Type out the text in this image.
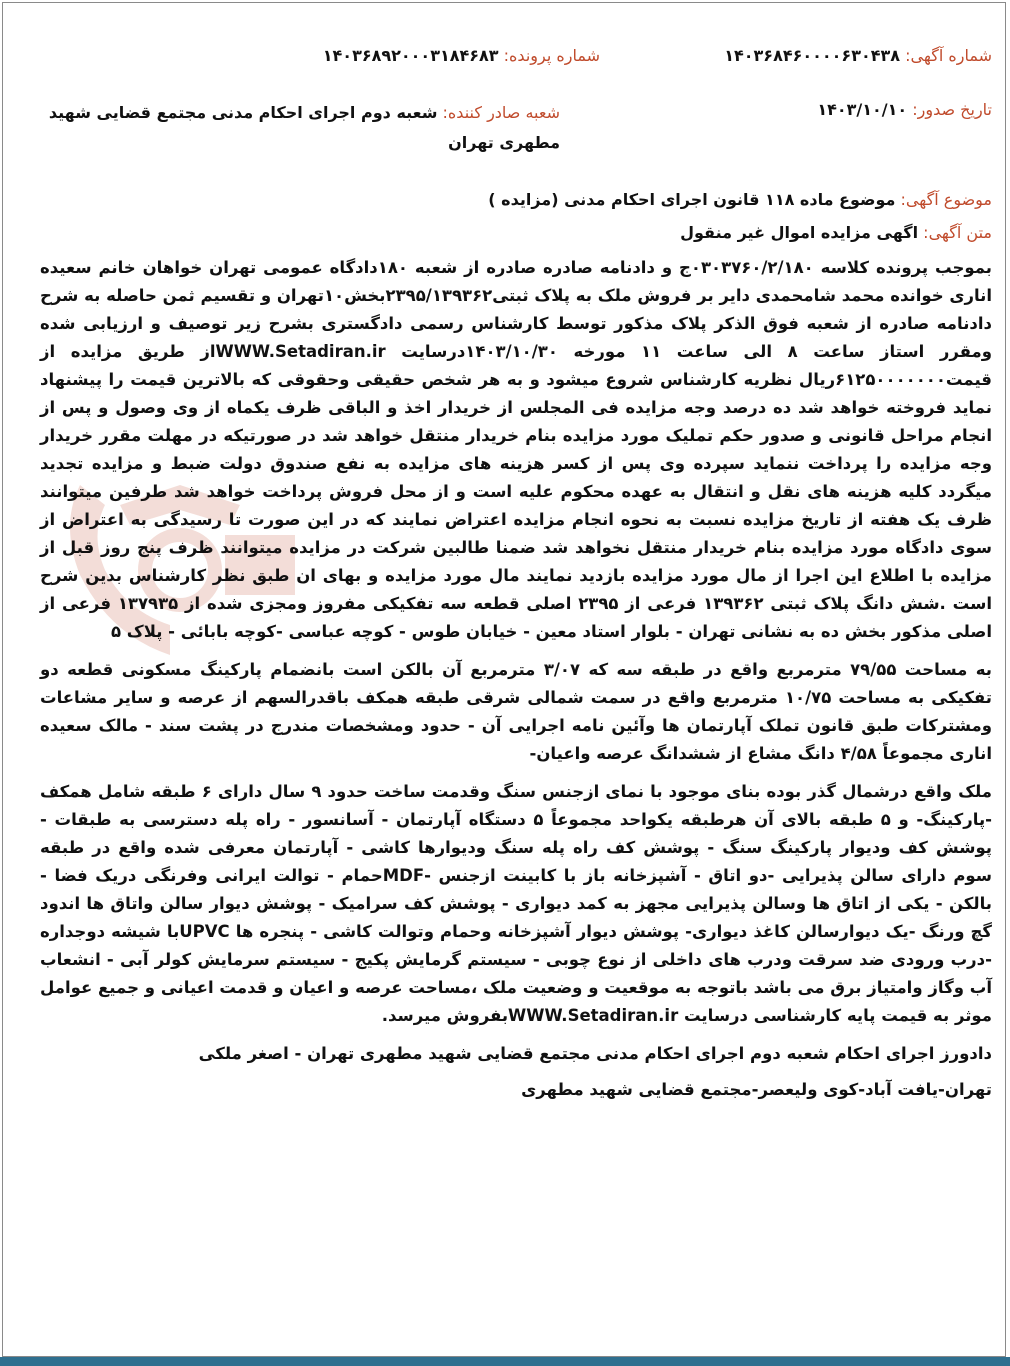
شماره آگهی: ۱۴۰۳۶۸۴۶۰۰۰۰۶۳۰۴۳۸
شماره پرونده: ۱۴۰۳۶۸۹۲۰۰۰۳۱۸۴۶۸۳
تاریخ صدور: ۱۴۰۳/۱۰/۱۰
شعبه صادر کننده: شعبه دوم اجرای احکام مدنی مجتمع قضایی شهید مطهری تهران
موضوع آگهی: موضوع ماده ۱۱۸ قانون اجرای احکام مدنی (مزایده )
متن آگهی: اگهی مزایده اموال غیر منقول

بموجب پرونده کلاسه ۰۳۰۳۷۶۰/۲/۱۸۰ج و دادنامه صادره صادره از شعبه ۱۸۰دادگاه عمومی تهران خواهان خانم سعیده اناری خوانده محمد شامحمدی دایر بر فروش ملک به پلاک ثبتی۲۳۹۵/۱۳۹۳۶۲بخش۱۰تهران و تقسیم ثمن حاصله به شرح دادنامه صادره از شعبه فوق الذکر پلاک مذکور توسط کارشناس رسمی دادگستری بشرح زیر توصیف و ارزیابی شده ومقرر استاز ساعت ۸ الی ساعت ۱۱ مورخه ۱۴۰۳/۱۰/۳۰درسایت WWW.Setadiran.irاز طریق مزایده از قیمت۶۱۲۵۰۰۰۰۰۰۰ریال نظریه کارشناس شروع میشود و به هر شخص حقیقی وحقوقی که بالاترین قیمت را پیشنهاد نماید فروخته خواهد شد ده درصد وجه مزایده فی المجلس از خریدار اخذ و الباقی ظرف یکماه از وی وصول و پس از انجام مراحل قانونی و صدور حکم تملیک مورد مزایده بنام خریدار منتقل خواهد شد در صورتیکه در مهلت مقرر خریدار وجه مزایده را پرداخت ننماید سپرده وی پس از کسر هزینه های مزایده به نفع صندوق دولت ضبط و مزایده تجدید میگردد کلیه هزینه های نقل و انتقال به عهده محکوم علیه است و از محل فروش پرداخت خواهد شد طرفین میتوانند ظرف یک هفته از تاریخ مزایده نسبت به نحوه انجام مزایده اعتراض نمایند که در این صورت تا رسیدگی به اعتراض از سوی دادگاه مورد مزایده بنام خریدار منتقل نخواهد شد ضمنا طالبین شرکت در مزایده میتوانند ظرف پنج روز قبل از مزایده با اطلاع این اجرا از مال مورد مزایده بازدید نمایند مال مورد مزایده و بهای ان طبق نظر کارشناس بدین شرح است .شش دانگ پلاک ثبتی ۱۳۹۳۶۲ فرعی از ۲۳۹۵ اصلی قطعه سه تفکیکی مفروز ومجزی شده از ۱۳۷۹۳۵ فرعی از اصلی مذکور بخش ده به نشانی تهران - بلوار استاد معین - خیابان طوس - کوچه عباسی -کوچه بابائی - پلاک ۵

به مساحت ۷۹/۵۵ مترمربع واقع در طبقه سه که ۳/۰۷ مترمربع آن بالکن است بانضمام پارکینگ مسکونی قطعه دو تفکیکی به مساحت ۱۰/۷۵ مترمربع واقع در سمت شمالی شرقی طبقه همکف باقدرالسهم از عرصه و سایر مشاعات ومشترکات طبق قانون تملک آپارتمان ها وآئین نامه اجرایی آن - حدود ومشخصات مندرج در پشت سند - مالک سعیده اناری مجموعاً ۴/۵۸ دانگ مشاع از ششدانگ عرصه واعیان-

ملک واقع درشمال گذر بوده بنای موجود با نمای ازجنس سنگ وقدمت ساخت حدود ۹ سال دارای ۶ طبقه شامل همکف -پارکینگ- و ۵ طبقه بالای آن هرطبقه یکواحد مجموعاً ۵ دستگاه آپارتمان - آسانسور - راه پله دسترسی به طبقات - پوشش کف ودیوار پارکینگ سنگ - پوشش کف راه پله سنگ ودیوارها کاشی - آپارتمان معرفی شده واقع در طبقه سوم دارای سالن پذیرایی -دو اتاق - آشپزخانه باز با کابینت ازجنس -MDFحمام - توالت ایرانی وفرنگی دریک فضا - بالکن - یکی از اتاق ها وسالن پذیرایی مجهز به کمد دیواری - پوشش کف سرامیک - پوشش دیوار سالن واتاق ها اندود گچ ورنگ -یک دیوارسالن کاغذ دیواری- پوشش دیوار آشپزخانه وحمام وتوالت کاشی - پنجره ها UPVCبا شیشه دوجداره -درب ورودی ضد سرقت ودرب های داخلی از نوع چوبی - سیستم گرمایش پکیج - سیستم سرمایش کولر آبی - انشعاب آب وگاز وامتیاز برق می باشد باتوجه به موقعیت و وضعیت ملک ،مساحت عرصه و اعیان و قدمت اعیانی و جمیع عوامل موثر به قیمت پایه کارشناسی درسایت WWW.Setadiran.irبفروش میرسد.

دادورز اجرای احکام شعبه دوم اجرای احکام مدنی مجتمع قضایی شهید مطهری تهران - اصغر ملکی

تهران-یافت آباد-کوی ولیعصر-مجتمع قضایی شهید مطهری
